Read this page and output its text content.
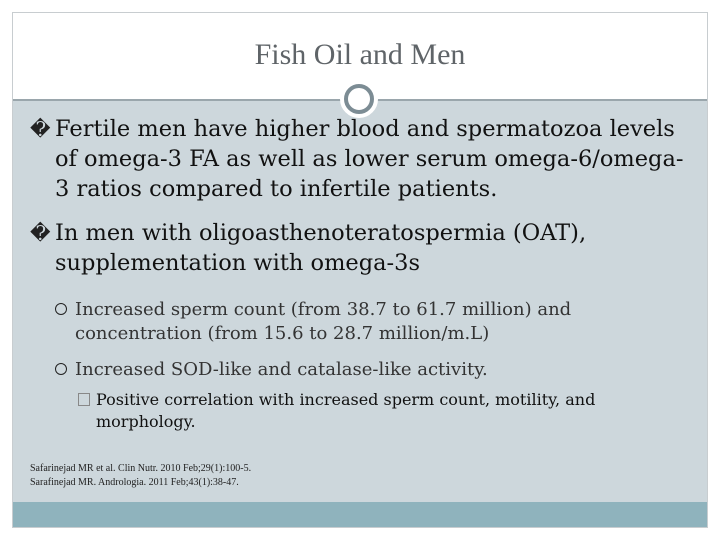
Fish Oil and Men
� Fertile men have higher blood and spermatozoa levels of omega-3 FA as well as lower serum omega-6/omega-3 ratios compared to infertile patients.
� In men with oligoasthenoteratospermia (OAT), supplementation with omega-3s
Increased sperm count (from 38.7 to 61.7 million) and concentration (from 15.6 to 28.7 million/m.L)
Increased SOD-like and catalase-like activity.
Positive correlation with increased sperm count, motility, and morphology.
Safarinejad MR et al. Clin Nutr. 2010 Feb;29(1):100-5.
Sarafinejad MR. Andrologia. 2011 Feb;43(1):38-47.
